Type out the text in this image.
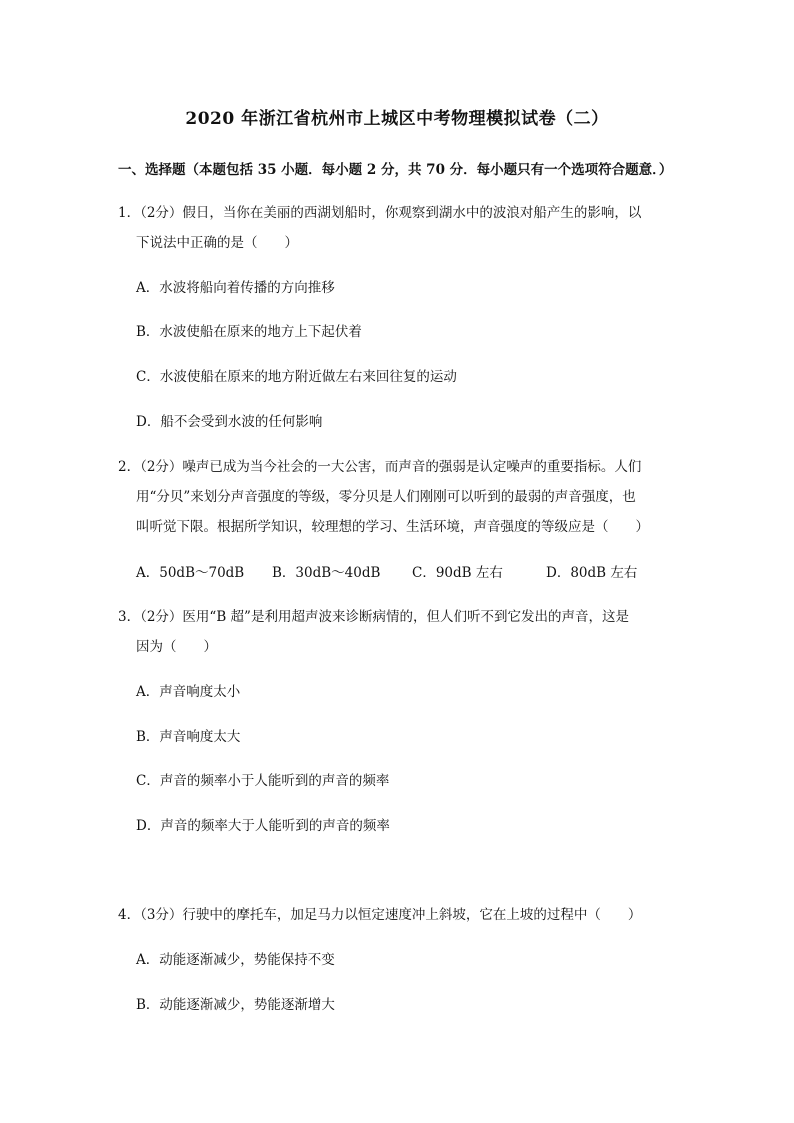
2020 年浙江省杭州市上城区中考物理模拟试卷（二）
一、选择题（本题包括 35 小题．每小题 2 分，共 70 分．每小题只有一个选项符合题意．）
1．（2分）假日，当你在美丽的西湖划船时，你观察到湖水中的波浪对船产生的影响，以
下说法中正确的是（　　）
A．水波将船向着传播的方向推移
B．水波使船在原来的地方上下起伏着
C．水波使船在原来的地方附近做左右来回往复的运动
D．船不会受到水波的任何影响
2．（2分）噪声已成为当今社会的一大公害，而声音的强弱是认定噪声的重要指标。人们
用“分贝”来划分声音强度的等级，零分贝是人们刚刚可以听到的最弱的声音强度，也
叫听觉下限。根据所学知识，较理想的学习、生活环境，声音强度的等级应是（　　）
A．50dB～70dB B．30dB～40dB C．90dB 左右	D．80dB 左右
3．（2分）医用“B 超”是利用超声波来诊断病情的，但人们听不到它发出的声音，这是
因为（　　）
A．声音响度太小
B．声音响度太大
C．声音的频率小于人能听到的声音的频率
D．声音的频率大于人能听到的声音的频率
4．（3分）行驶中的摩托车，加足马力以恒定速度冲上斜坡，它在上坡的过程中（　　）
A．动能逐渐减少，势能保持不变
B．动能逐渐减少，势能逐渐增大
